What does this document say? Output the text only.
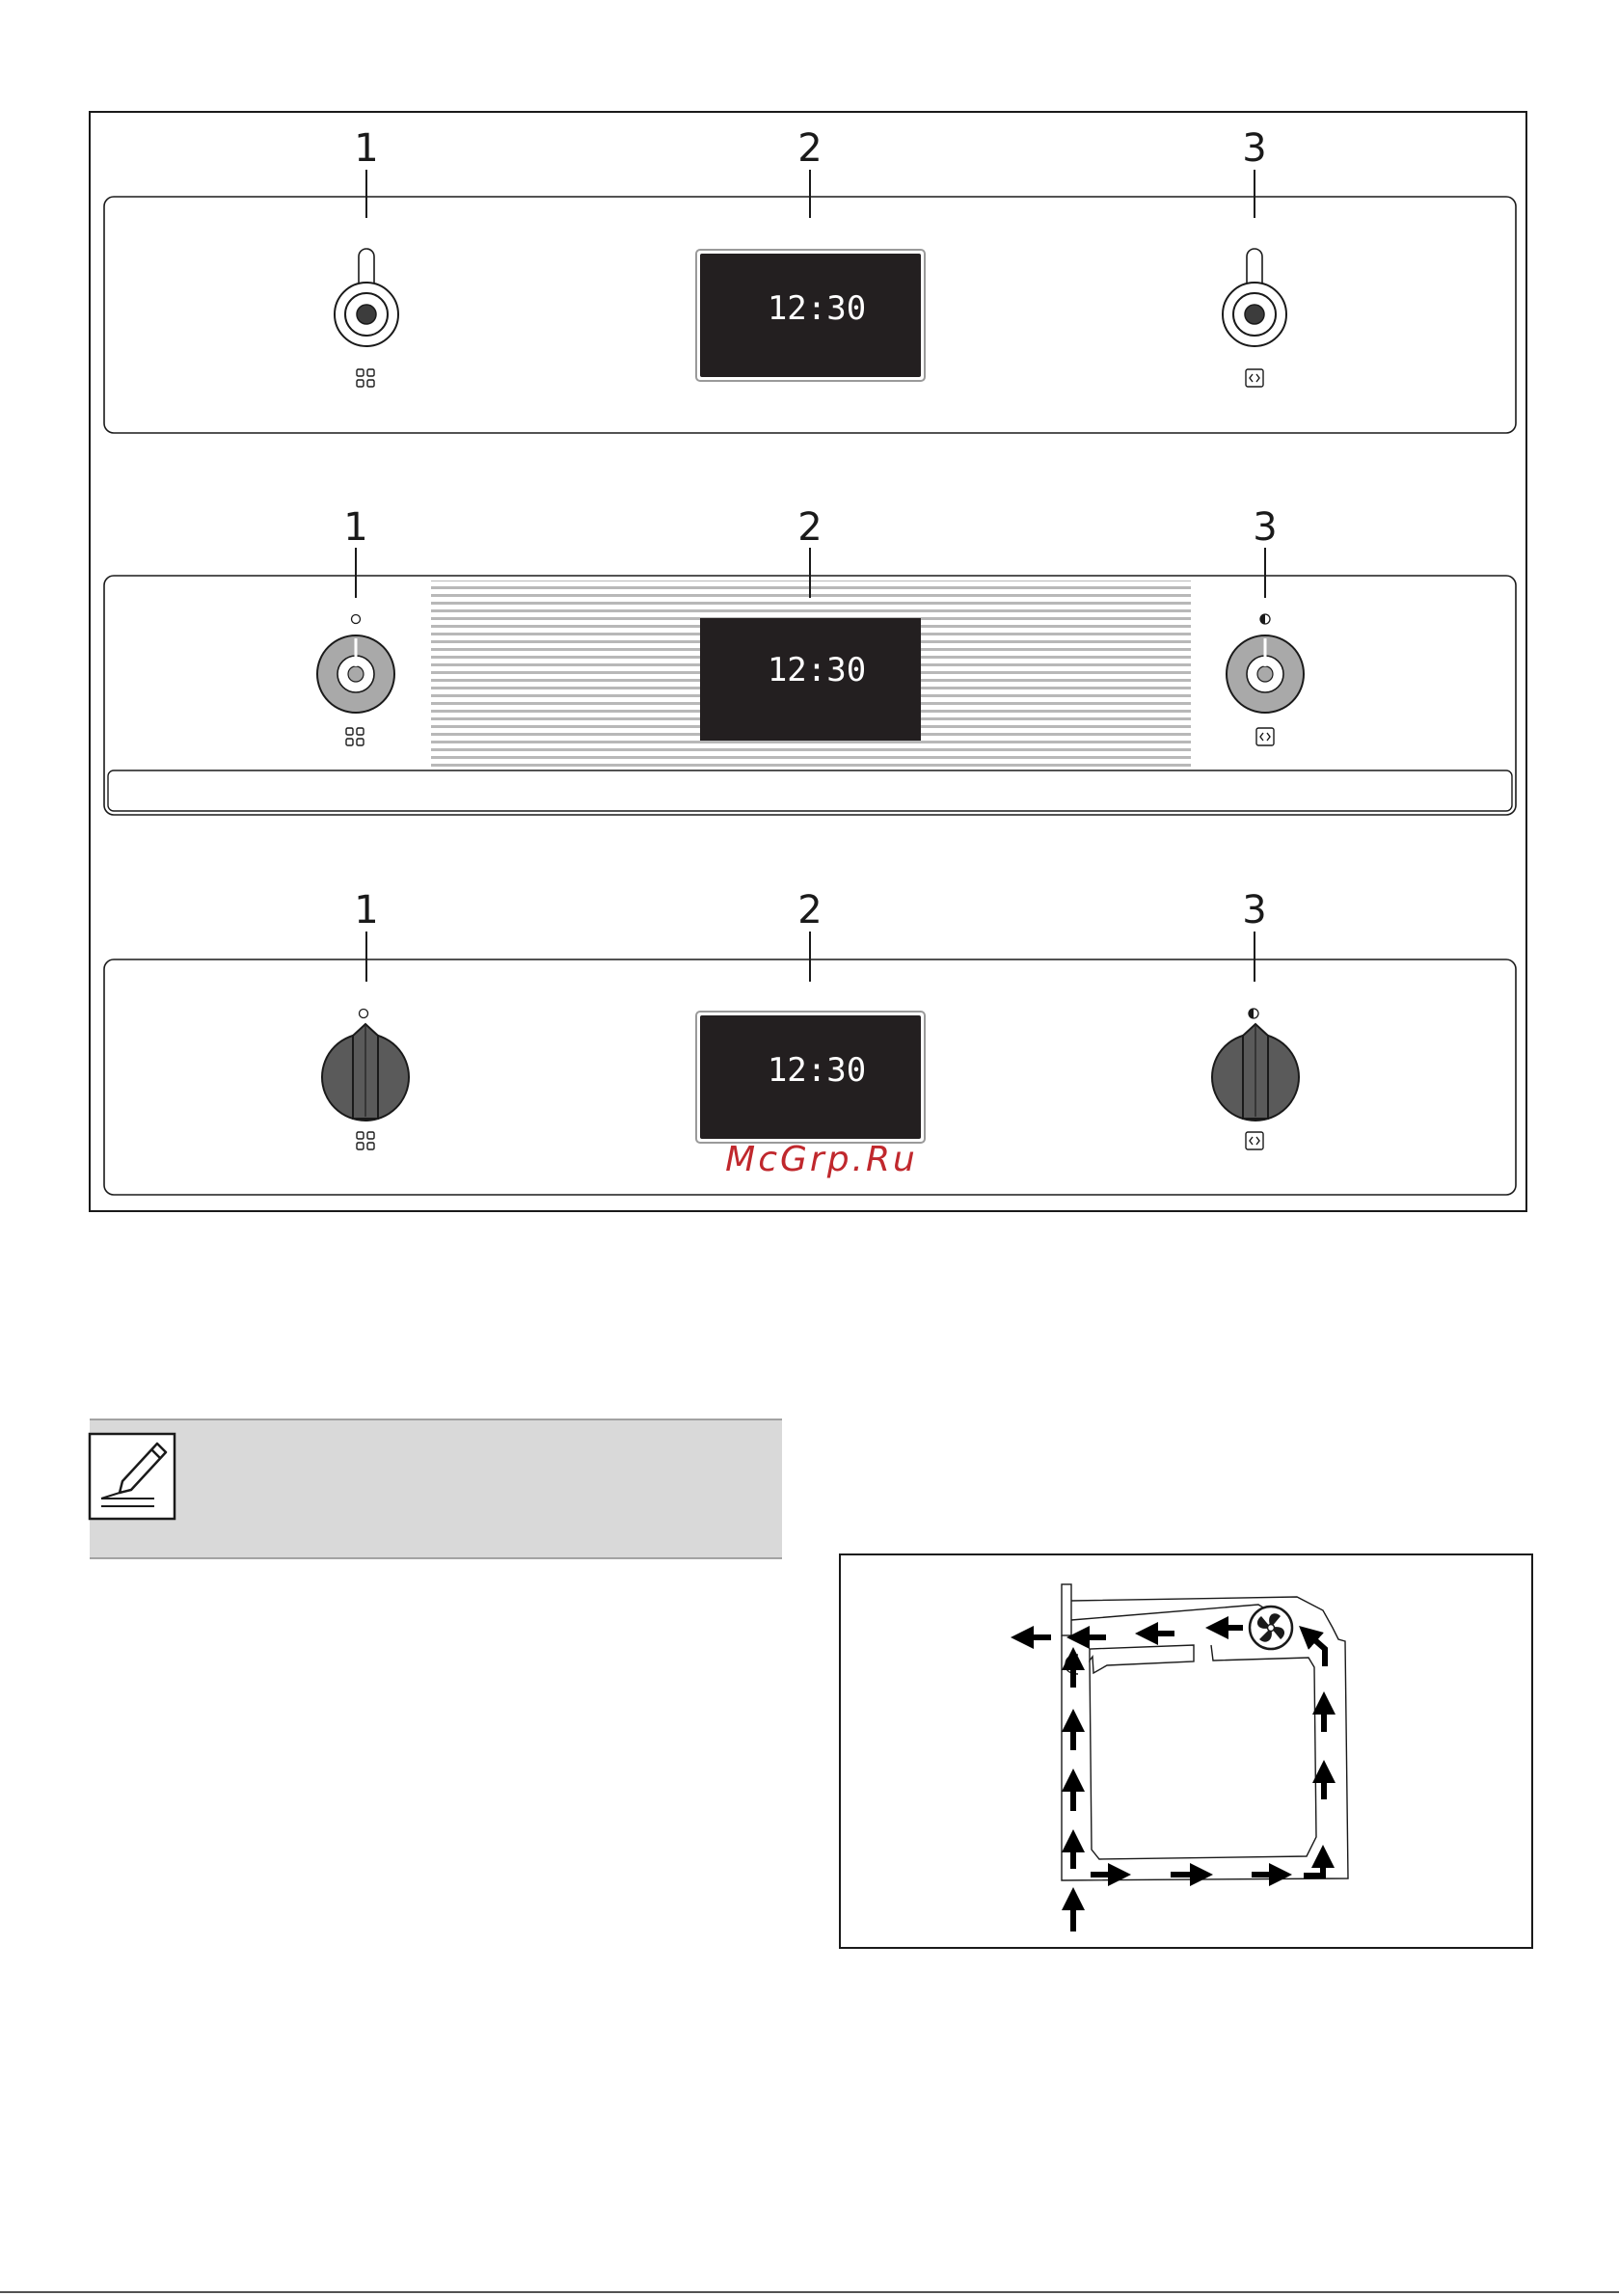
1	2	3
12:30
1	2	3
12:30
1	2	3
12:30
McGrp.Ru
